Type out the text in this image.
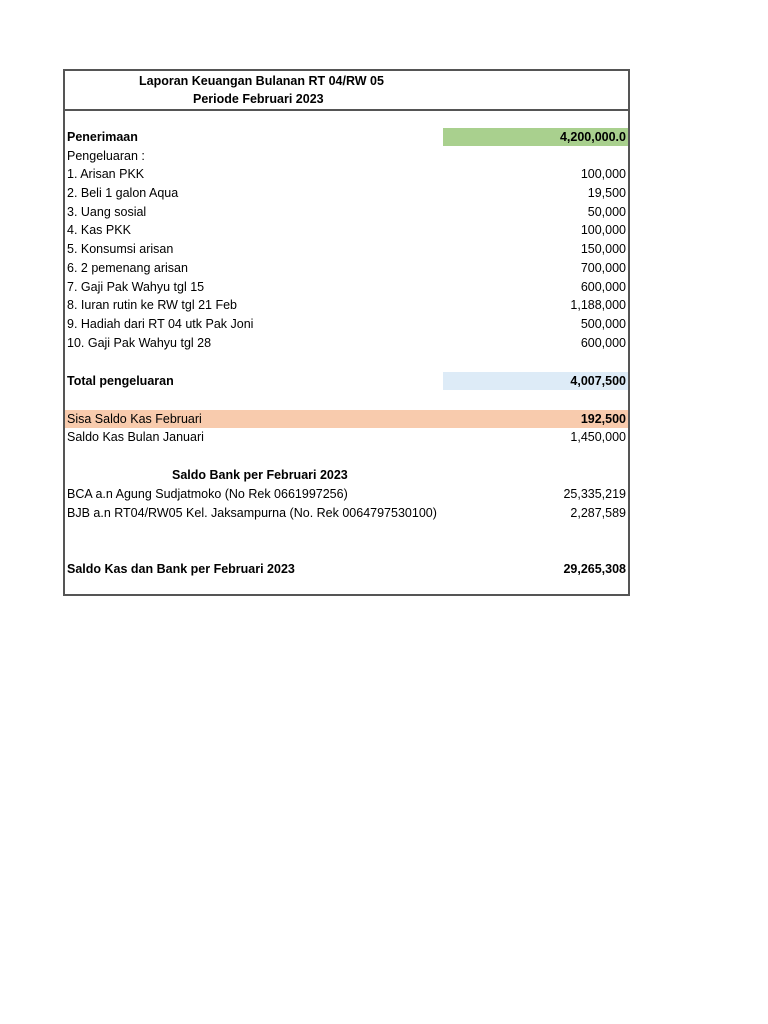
Laporan Keuangan Bulanan RT 04/RW 05
Periode Februari 2023
Penerimaan	4,200,000.0
Pengeluaran :
1. Arisan PKK	100,000
2. Beli 1 galon Aqua	19,500
3. Uang sosial	50,000
4. Kas PKK	100,000
5. Konsumsi arisan	150,000
6. 2 pemenang arisan	700,000
7. Gaji Pak Wahyu tgl 15	600,000
8. Iuran rutin ke RW tgl 21 Feb	1,188,000
9. Hadiah dari RT 04 utk Pak Joni	500,000
10. Gaji Pak Wahyu tgl 28	600,000
Total pengeluaran	4,007,500
Sisa Saldo Kas Februari	192,500
Saldo Kas Bulan Januari	1,450,000
Saldo Bank per Februari 2023
BCA a.n Agung Sudjatmoko (No Rek 0661997256)	25,335,219
BJB a.n RT04/RW05 Kel. Jaksampurna (No. Rek 0064797530100)	2,287,589
Saldo Kas dan Bank per Februari 2023	29,265,308
